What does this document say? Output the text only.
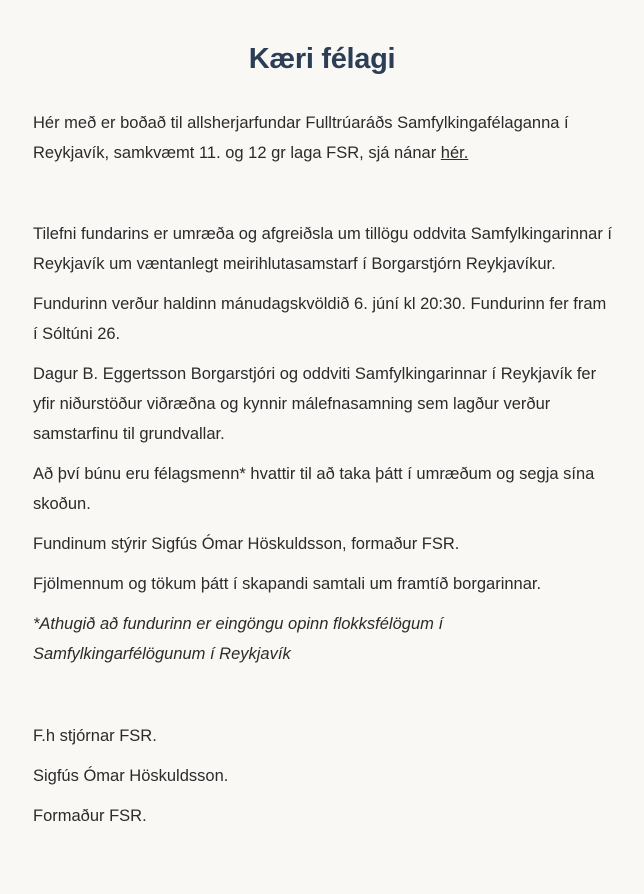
Kæri félagi

Hér með er boðað til allsherjarfundar Fulltrúaráðs Samfylkingafélaganna í Reykjavík, samkvæmt 11. og 12 gr laga FSR, sjá nánar hér.

Tilefni fundarins er umræða og afgreiðsla um tillögu oddvita Samfylkingarinnar í Reykjavík um væntanlegt meirihlutasamstarf í Borgarstjórn Reykjavíkur.

Fundurinn verður haldinn mánudagskvöldið 6. júní kl 20:30. Fundurinn fer fram í Sóltúni 26.

Dagur B. Eggertsson Borgarstjóri og oddviti Samfylkingarinnar í Reykjavík fer yfir niðurstöður viðræðna og kynnir málefnasamning sem lagður verður samstarfinu til grundvallar.

Að því búnu eru félagsmenn* hvattir til að taka þátt í umræðum og segja sína skoðun.

Fundinum stýrir Sigfús Ómar Höskuldsson, formaður FSR.

Fjölmennum og tökum þátt í skapandi samtali um framtíð borgarinnar.

*Athugið að fundurinn er eingöngu opinn flokksfélögum í Samfylkingarfélögunum í Reykjavík

F.h stjórnar FSR.

Sigfús Ómar Höskuldsson.

Formaður FSR.
